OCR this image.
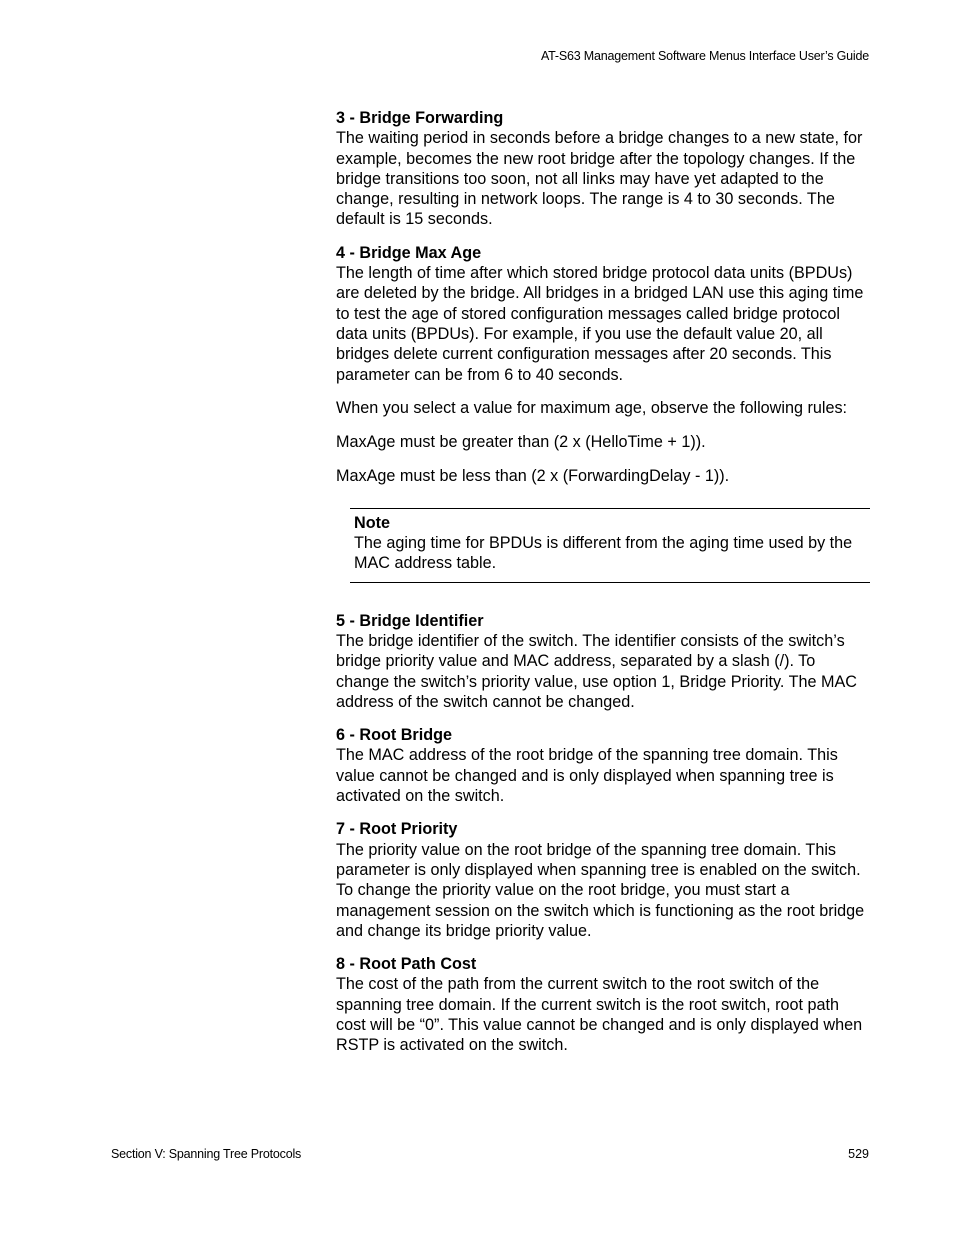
AT-S63 Management Software Menus Interface User’s Guide
3 - Bridge Forwarding
The waiting period in seconds before a bridge changes to a new state, for example, becomes the new root bridge after the topology changes. If the bridge transitions too soon, not all links may have yet adapted to the change, resulting in network loops. The range is 4 to 30 seconds. The default is 15 seconds.
4 - Bridge Max Age
The length of time after which stored bridge protocol data units (BPDUs) are deleted by the bridge. All bridges in a bridged LAN use this aging time to test the age of stored configuration messages called bridge protocol data units (BPDUs). For example, if you use the default value 20, all bridges delete current configuration messages after 20 seconds. This parameter can be from 6 to 40 seconds.

When you select a value for maximum age, observe the following rules:

MaxAge must be greater than (2 x (HelloTime + 1)).

MaxAge must be less than (2 x (ForwardingDelay - 1)).

Note
The aging time for BPDUs is different from the aging time used by the MAC address table.
5 - Bridge Identifier
The bridge identifier of the switch. The identifier consists of the switch’s bridge priority value and MAC address, separated by a slash (/). To change the switch’s priority value, use option 1, Bridge Priority. The MAC address of the switch cannot be changed.
6 - Root Bridge
The MAC address of the root bridge of the spanning tree domain. This value cannot be changed and is only displayed when spanning tree is activated on the switch.
7 - Root Priority
The priority value on the root bridge of the spanning tree domain. This parameter is only displayed when spanning tree is enabled on the switch. To change the priority value on the root bridge, you must start a management session on the switch which is functioning as the root bridge and change its bridge priority value.
8 - Root Path Cost
The cost of the path from the current switch to the root switch of the spanning tree domain. If the current switch is the root switch, root path cost will be “0”. This value cannot be changed and is only displayed when RSTP is activated on the switch.
Section V: Spanning Tree Protocols	529
